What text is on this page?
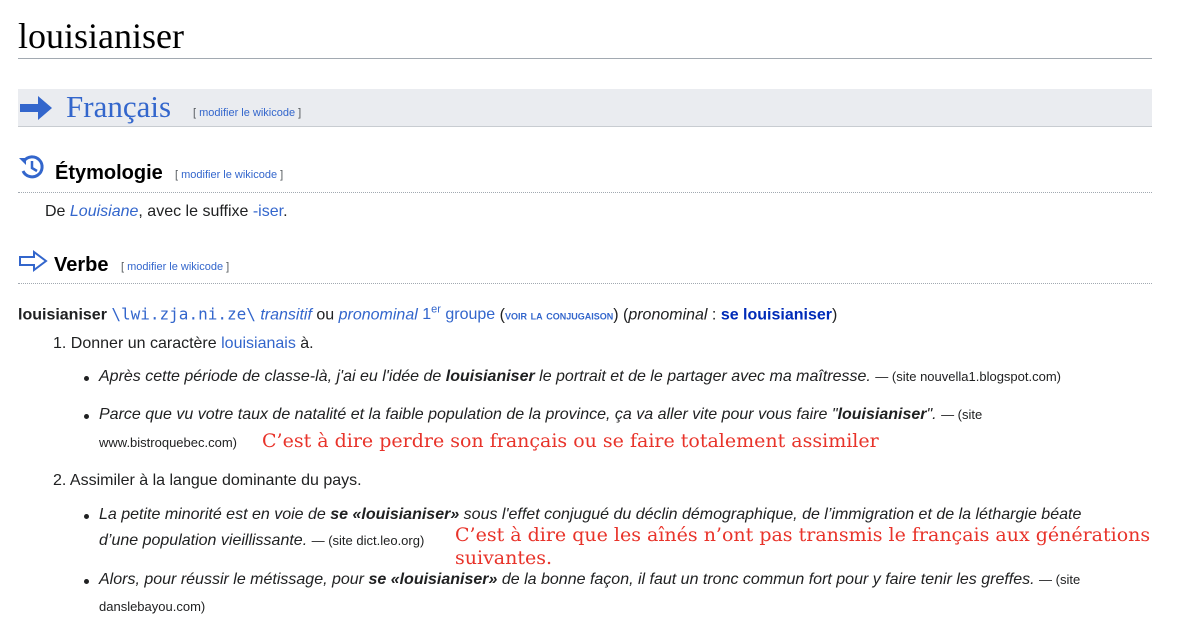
louisianiser
Français [ modifier le wikicode ]
Étymologie [ modifier le wikicode ]
De Louisiane, avec le suffixe -iser.
Verbe [ modifier le wikicode ]
louisianiser \lwi.zja.ni.ze\ transitif ou pronominal 1er groupe (voir la conjugaison) (pronominal : se louisianiser)
1. Donner un caractère louisianais à.
Après cette période de classe-là, j'ai eu l'idée de louisianiser le portrait et de le partager avec ma maîtresse. — (site nouvella1.blogspot.com)
Parce que vu votre taux de natalité et la faible population de la province, ça va aller vite pour vous faire "louisianiser". — (site
www.bistroquebec.com) C’est à dire perdre son français ou se faire totalement assimiler
2. Assimiler à la langue dominante du pays.
La petite minorité est en voie de se «louisianiser» sous l'effet conjugué du déclin démographique, de l’immigration et de la léthargie béate
d’une population vieillissante. — (site dict.leo.org) C’est à dire que les aînés n’ont pas transmis le français aux générations
suivantes.
Alors, pour réussir le métissage, pour se «louisianiser» de la bonne façon, il faut un tronc commun fort pour y faire tenir les greffes. — (site
danslebayou.com)
